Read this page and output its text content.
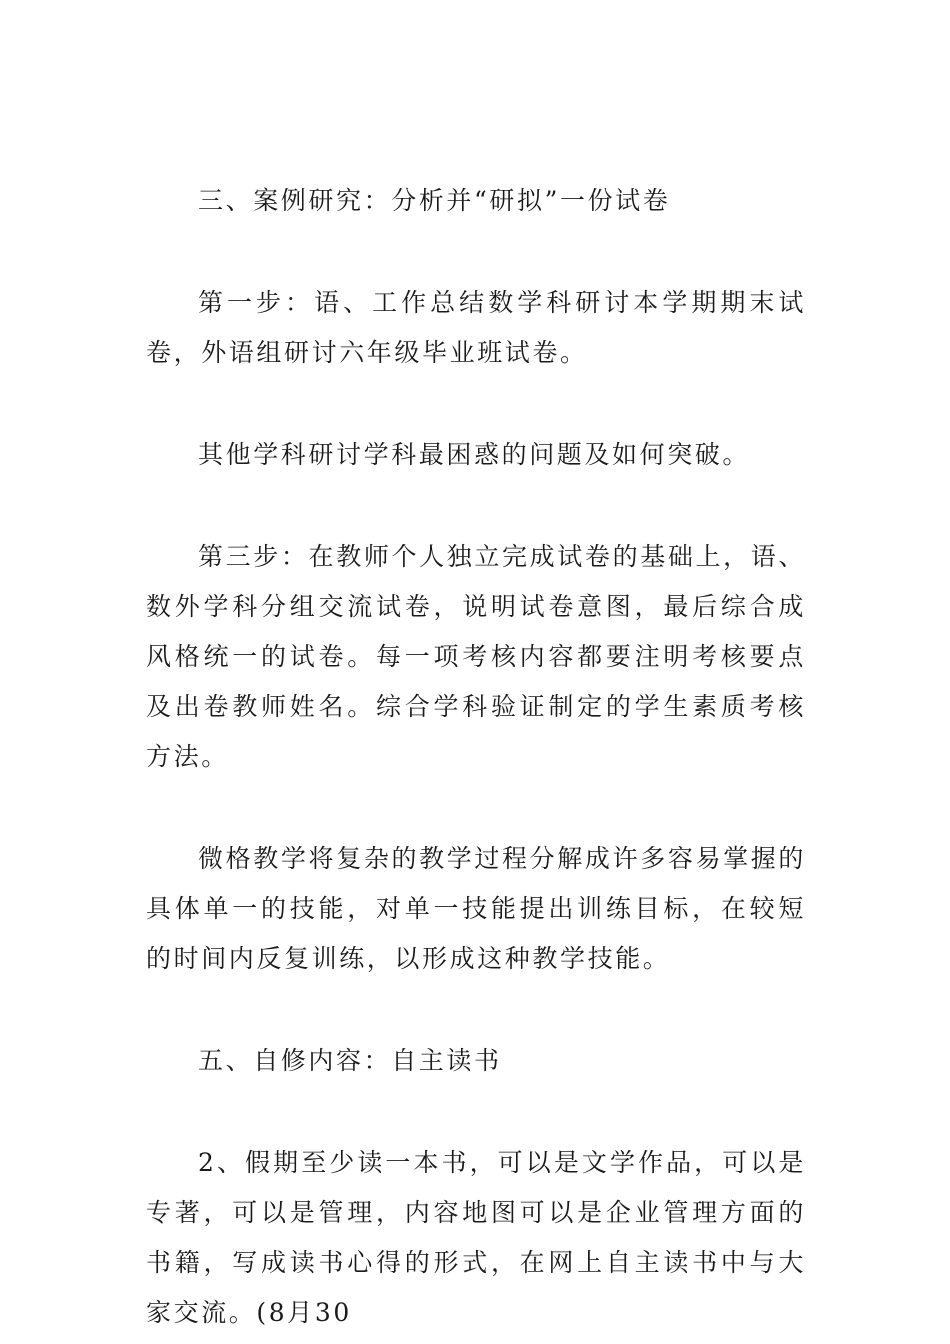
三、案例研究：分析并“研拟”一份试卷

第一步：语、工作总结数学科研讨本学期期末试卷，外语组研讨六年级毕业班试卷。

其他学科研讨学科最困惑的问题及如何突破。

第三步：在教师个人独立完成试卷的基础上，语、数外学科分组交流试卷，说明试卷意图，最后综合成风格统一的试卷。每一项考核内容都要注明考核要点及出卷教师姓名。综合学科验证制定的学生素质考核方法。

微格教学将复杂的教学过程分解成许多容易掌握的具体单一的技能，对单一技能提出训练目标，在较短的时间内反复训练，以形成这种教学技能。

五、自修内容：自主读书

2、假期至少读一本书，可以是文学作品，可以是专著，可以是管理，内容地图可以是企业管理方面的书籍，写成读书心得的形式，在网上自主读书中与大家交流。(8月30
